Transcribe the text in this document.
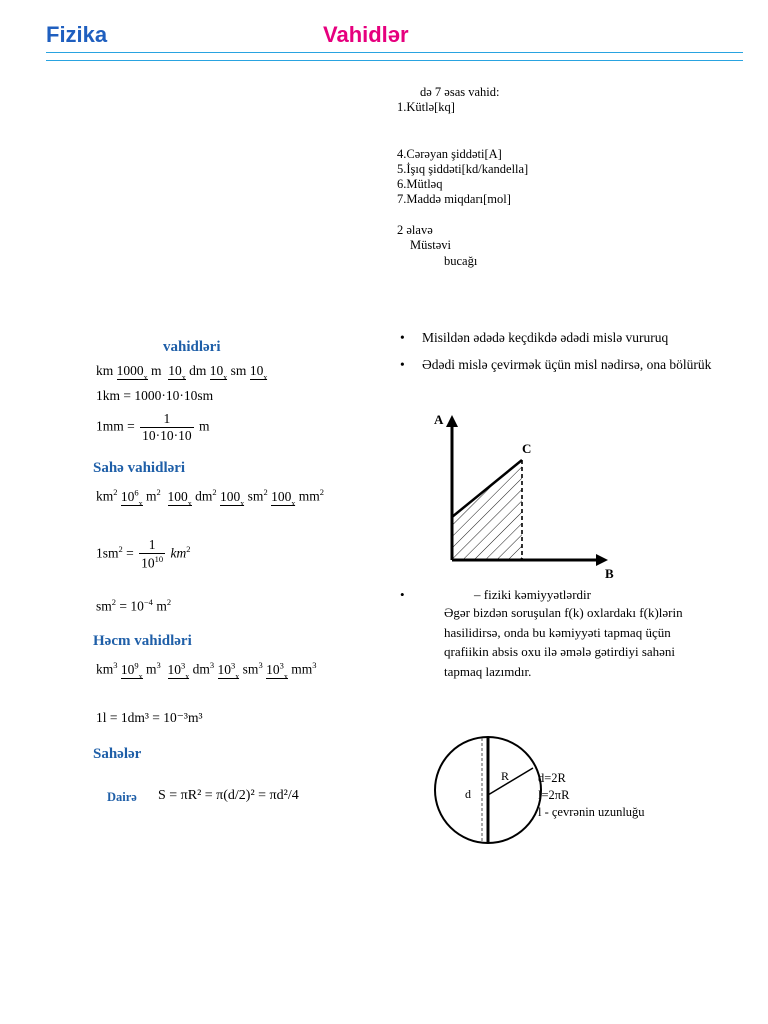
Fizika	Vahidlər
də 7 əsas vahid:
1.Kütlə[kq]
4.Cərəyan şiddəti[A]
5.İşıq şiddəti[kd/kandella]
6.Mütləq
7.Maddə miqdarı[mol]
2 əlavə
Müstəvi
bucağı
• Misildən ədədə keçdikdə ədədi mislə vururuq
• Ədədi mislə çevirmək üçün misl nədirsə, ona bölürük
vahidləri
km $1000_x$ m $10_x$ dm $10_x$ sm $10_x$
1km = 1000·10·10sm
$1mm = \frac{1}{10\cdot 10\cdot 10}$ m
Sahə vahidləri
$km^2$ $10^6_x$ $m^2$ $100_x$ $dm^2$ $100_x$ $sm^2$ $100_x$ $mm^2$
$1sm^2 = \frac{1}{10^{10}} km^2$
$sm^2 = 10^{-4}$ $m^2$
Həcm vahidləri
$km^3$ $10^9_x$ $m^3$ $10^3_x$ $dm^3$ $10^3_x$ $sm^3$ $10^3_x$ $mm^3$
1l = 1dm³ = 10⁻³m³
Sahələr
Dairə S = πR² = π(d/2)² = πd²/4
A
C
B
•	– fiziki kəmiyyətlərdir
Əgər bizdən soruşulan f(k) oxlardakı f(k)lərin
hasilidirsə, onda bu kəmiyyəti tapmaq üçün
qrafiikin absis oxu ilə əmələ gətirdiyi sahəni
tapmaq lazımdır.
d
R d=2R
l=2πR
l - çevrənin uzunluğu
